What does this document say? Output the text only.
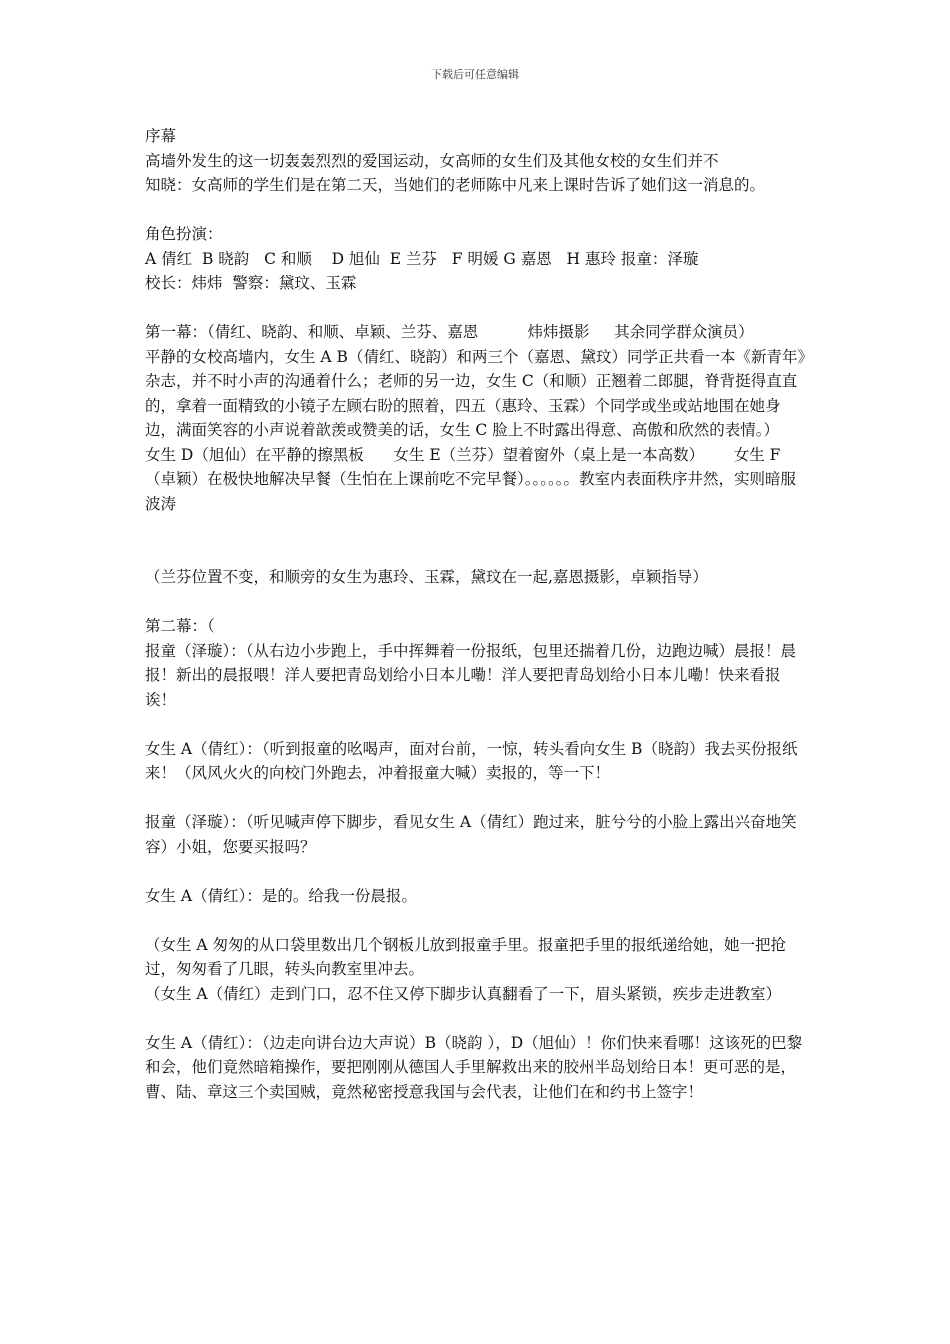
下载后可任意编辑

序幕

高墙外发生的这一切轰轰烈烈的爱国运动，女高师的女生们及其他女校的女生们并不

知晓：女高师的学生们是在第二天，当她们的老师陈中凡来上课时告诉了她们这一消息的。

角色扮演：

A 倩红  B 晓韵   C 和顺    D 旭仙  E 兰芬   F 明媛 G 嘉恩   H 惠玲 报童：泽璇

校长：炜炜  警察：黛玟、玉霖

第一幕：（倩红、晓韵、和顺、卓颖、兰芬、嘉恩          炜炜摄影     其余同学群众演员）

平静的女校高墙内，女生 A B（倩红、晓韵）和两三个（嘉恩、黛玟）同学正共看一本《新青年》杂志，并不时小声的沟通着什么；老师的另一边，女生 C（和顺）正翘着二郎腿，脊背挺得直直的，拿着一面精致的小镜子左顾右盼的照着，四五（惠玲、玉霖）个同学或坐或站地围在她身边，满面笑容的小声说着歆羡或赞美的话，女生 C 脸上不时露出得意、高傲和欣然的表情。）          女生 D（旭仙）在平静的擦黑板      女生 E（兰芬）望着窗外（桌上是一本高数）      女生 F（卓颖）在极快地解决早餐（生怕在上课前吃不完早餐）。。。。。。教室内表面秩序井然，实则暗服波涛

（兰芬位置不变，和顺旁的女生为惠玲、玉霖，黛玟在一起,嘉恩摄影，卓颖指导）

第二幕：（

报童（泽璇）：（从右边小步跑上，手中挥舞着一份报纸，包里还揣着几份，边跑边喊）晨报！晨报！新出的晨报喂！洋人要把青岛划给小日本儿嘞！洋人要把青岛划给小日本儿嘞！快来看报诶！

女生 A（倩红）：（听到报童的吆喝声，面对台前，一惊，转头看向女生 B（晓韵）我去买份报纸来！（风风火火的向校门外跑去，冲着报童大喊）卖报的，等一下！

报童（泽璇）：（听见喊声停下脚步，看见女生 A（倩红）跑过来，脏兮兮的小脸上露出兴奋地笑容）小姐，您要买报吗？

女生 A（倩红）：是的。给我一份晨报。

（女生 A 匆匆的从口袋里数出几个钢板儿放到报童手里。报童把手里的报纸递给她，她一把抢过，匆匆看了几眼，转头向教室里冲去。

（女生 A（倩红）走到门口，忍不住又停下脚步认真翻看了一下，眉头紧锁，疾步走进教室）

女生 A（倩红）：（边走向讲台边大声说）B（晓韵 ），D（旭仙）！你们快来看哪！这该死的巴黎和会，他们竟然暗箱操作，要把刚刚从德国人手里解救出来的胶州半岛划给日本！更可恶的是，曹、陆、章这三个卖国贼，竟然秘密授意我国与会代表，让他们在和约书上签字！
